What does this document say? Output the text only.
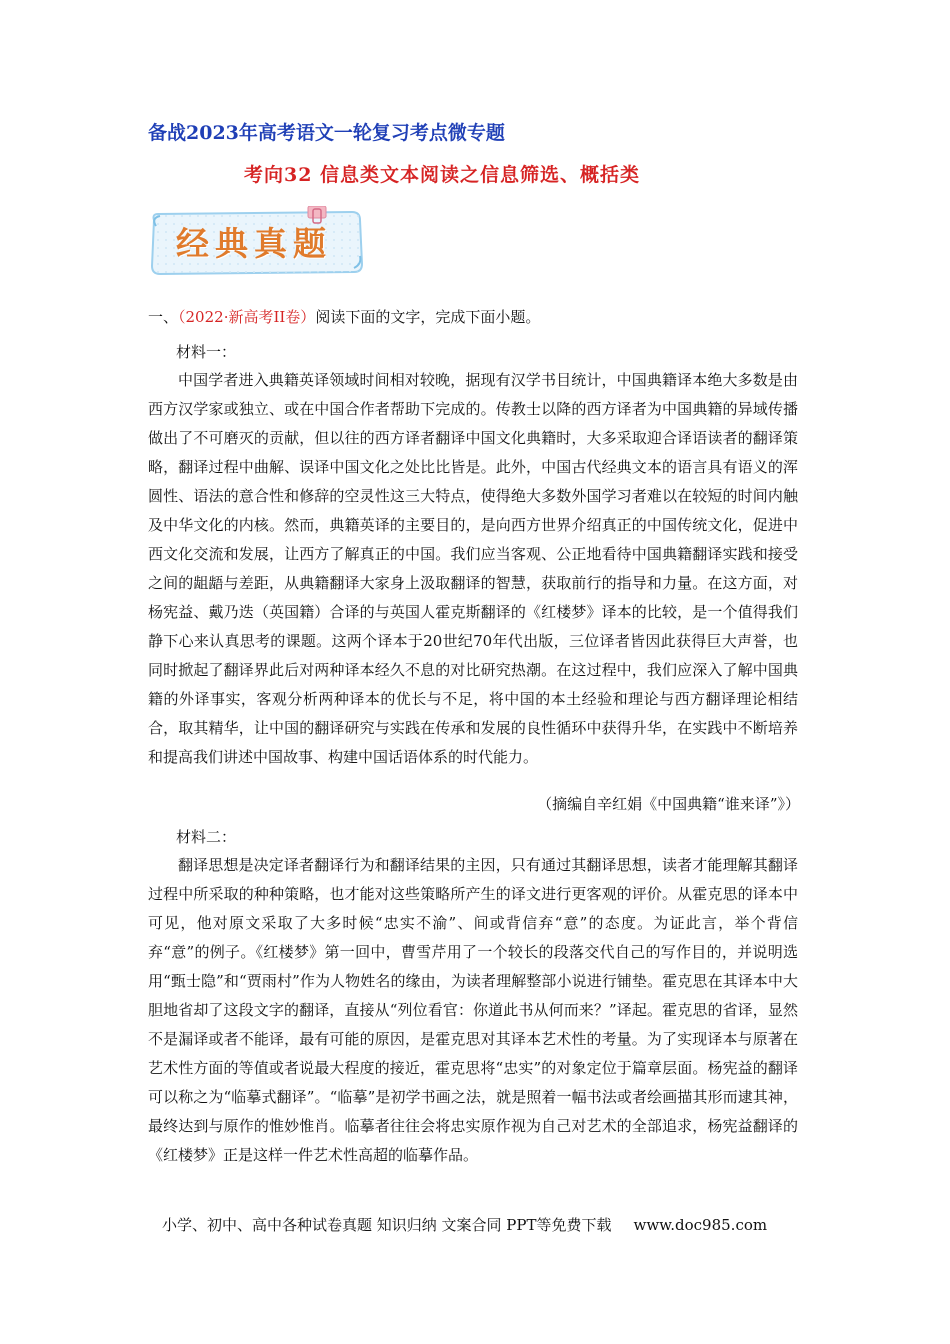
备战2023年高考语文一轮复习考点微专题
考向32 信息类文本阅读之信息筛选、概括类
经典真题
一、（2022·新高考II卷）阅读下面的文字，完成下面小题。
材料一：
中国学者进入典籍英译领域时间相对较晚，据现有汉学书目统计，中国典籍译本绝大多数是由西方汉学家或独立、或在中国合作者帮助下完成的。传教士以降的西方译者为中国典籍的异域传播做出了不可磨灭的贡献，但以往的西方译者翻译中国文化典籍时，大多采取迎合译语读者的翻译策略，翻译过程中曲解、误译中国文化之处比比皆是。此外，中国古代经典文本的语言具有语义的浑圆性、语法的意合性和修辞的空灵性这三大特点，使得绝大多数外国学习者难以在较短的时间内触及中华文化的内核。然而，典籍英译的主要目的，是向西方世界介绍真正的中国传统文化，促进中西文化交流和发展，让西方了解真正的中国。我们应当客观、公正地看待中国典籍翻译实践和接受之间的龃龉与差距，从典籍翻译大家身上汲取翻译的智慧，获取前行的指导和力量。在这方面，对杨宪益、戴乃迭（英国籍）合译的与英国人霍克斯翻译的《红楼梦》译本的比较，是一个值得我们静下心来认真思考的课题。这两个译本于20世纪70年代出版，三位译者皆因此获得巨大声誉，也同时掀起了翻译界此后对两种译本经久不息的对比研究热潮。在这过程中，我们应深入了解中国典籍的外译事实，客观分析两种译本的优长与不足，将中国的本土经验和理论与西方翻译理论相结合，取其精华，让中国的翻译研究与实践在传承和发展的良性循环中获得升华，在实践中不断培养和提高我们讲述中国故事、构建中国话语体系的时代能力。
（摘编自辛红娟《中国典籍“谁来译”》）
材料二：
翻译思想是决定译者翻译行为和翻译结果的主因，只有通过其翻译思想，读者才能理解其翻译过程中所采取的种种策略，也才能对这些策略所产生的译文进行更客观的评价。从霍克思的译本中可见，他对原文采取了大多时候“忠实不渝”、间或背信弃“意”的态度。为证此言，举个背信弃“意”的例子。《红楼梦》第一回中，曹雪芹用了一个较长的段落交代自己的写作目的，并说明选用“甄士隐”和“贾雨村”作为人物姓名的缘由，为读者理解整部小说进行铺垫。霍克思在其译本中大胆地省却了这段文字的翻译，直接从“列位看官：你道此书从何而来？”译起。霍克思的省译，显然不是漏译或者不能译，最有可能的原因，是霍克思对其译本艺术性的考量。为了实现译本与原著在艺术性方面的等值或者说最大程度的接近，霍克思将“忠实”的对象定位于篇章层面。杨宪益的翻译可以称之为“临摹式翻译”。“临摹”是初学书画之法，就是照着一幅书法或者绘画描其形而逮其神，最终达到与原作的惟妙惟肖。临摹者往往会将忠实原作视为自己对艺术的全部追求，杨宪益翻译的《红楼梦》正是这样一件艺术性高超的临摹作品。
小学、初中、高中各种试卷真题 知识归纳 文案合同 PPT等免费下载 www.doc985.com
